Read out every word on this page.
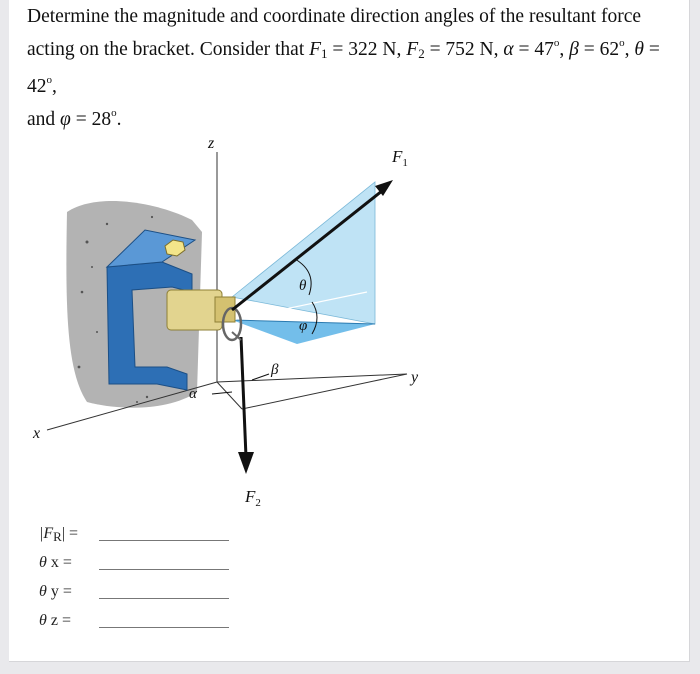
Determine the magnitude and coordinate direction angles of the resultant force acting on the bracket. Consider that $F_1 = 322$ N, $F_2 = 752$ N, $\alpha = 47^o$, $\beta = 62^o$, $\theta = 42^o$,
and $\varphi = 28^o$.

z
y
x
$F_1$
$F_2$
θ
φ
α
β
$|F_R|$ =
θ x =
θ y =
θ z =
